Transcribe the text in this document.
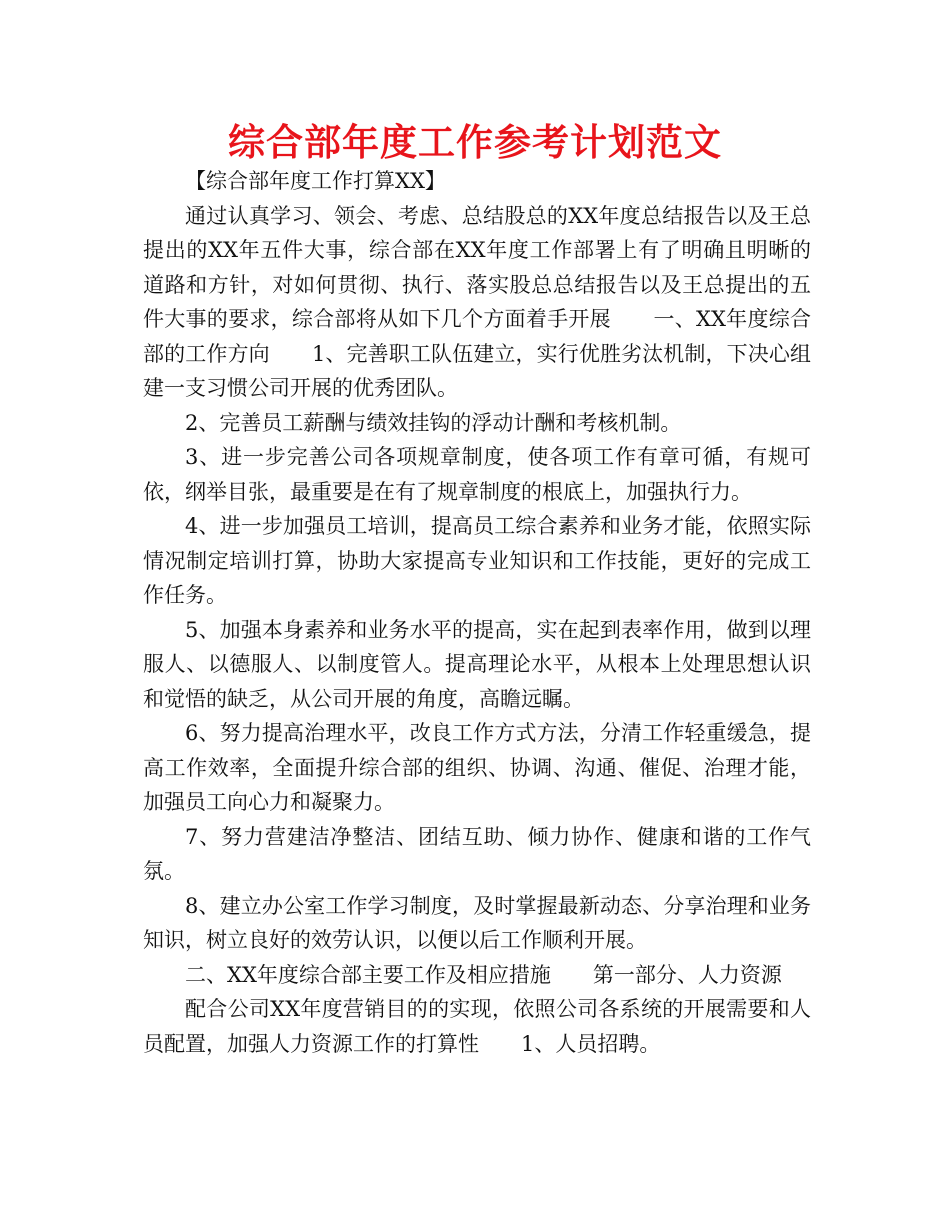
综合部年度工作参考计划范文

【综合部年度工作打算XX】

通过认真学习、领会、考虑、总结股总的XX年度总结报告以及王总提出的XX年五件大事，综合部在XX年度工作部署上有了明确且明晰的道路和方针，对如何贯彻、执行、落实股总总结报告以及王总提出的五件大事的要求，综合部将从如下几个方面着手开展　　一、XX年度综合部的工作方向　　1、完善职工队伍建立，实行优胜劣汰机制，下决心组建一支习惯公司开展的优秀团队。

2、完善员工薪酬与绩效挂钩的浮动计酬和考核机制。

3、进一步完善公司各项规章制度，使各项工作有章可循，有规可依，纲举目张，最重要是在有了规章制度的根底上，加强执行力。

4、进一步加强员工培训，提高员工综合素养和业务才能，依照实际情况制定培训打算，协助大家提高专业知识和工作技能，更好的完成工作任务。

5、加强本身素养和业务水平的提高，实在起到表率作用，做到以理服人、以德服人、以制度管人。提高理论水平，从根本上处理思想认识和觉悟的缺乏，从公司开展的角度，高瞻远瞩。

6、努力提高治理水平，改良工作方式方法，分清工作轻重缓急，提高工作效率，全面提升综合部的组织、协调、沟通、催促、治理才能，加强员工向心力和凝聚力。

7、努力营建洁净整洁、团结互助、倾力协作、健康和谐的工作气氛。

8、建立办公室工作学习制度，及时掌握最新动态、分享治理和业务知识，树立良好的效劳认识，以便以后工作顺利开展。

二、XX年度综合部主要工作及相应措施　　第一部分、人力资源

配合公司XX年度营销目的的实现，依照公司各系统的开展需要和人员配置，加强人力资源工作的打算性　　1、人员招聘。
